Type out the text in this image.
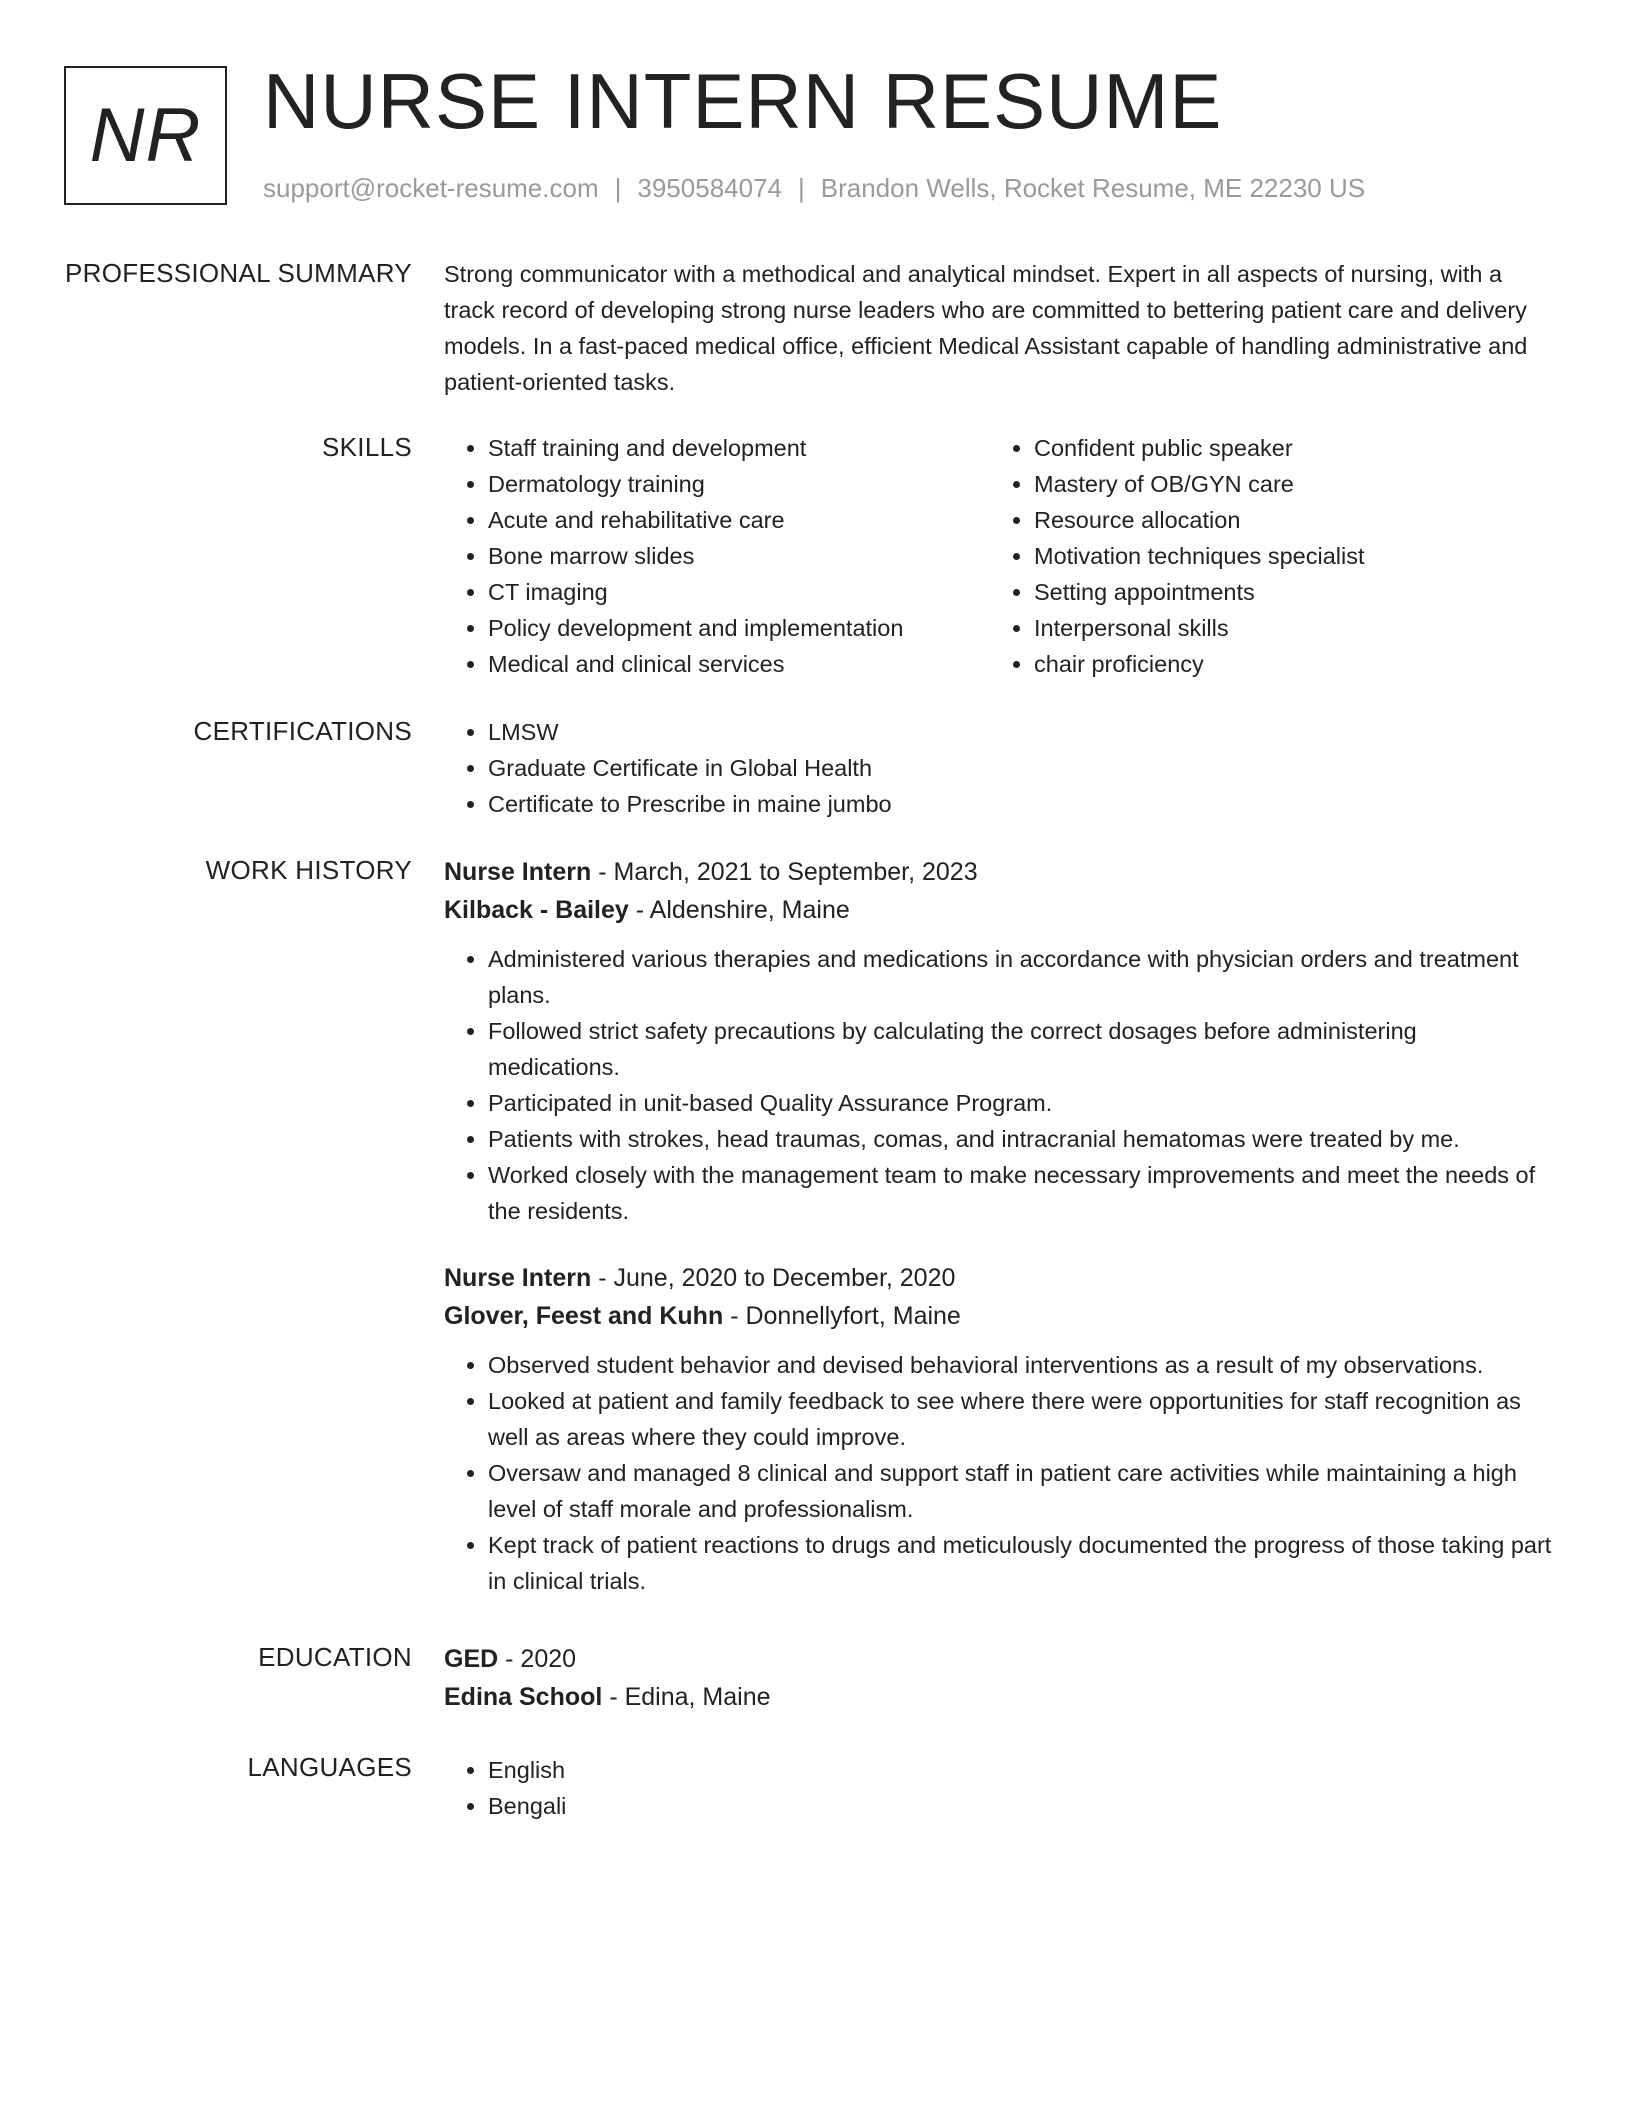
NR NURSE INTERN RESUME
support@rocket-resume.com | 3950584074 | Brandon Wells, Rocket Resume, ME 22230 US
PROFESSIONAL SUMMARY Strong communicator with a methodical and analytical mindset. Expert in all aspects of nursing, with a track record of developing strong nurse leaders who are committed to bettering patient care and delivery models. In a fast-paced medical office, efficient Medical Assistant capable of handling administrative and patient-oriented tasks.

SKILLS	• Staff training and development
• Dermatology training
• Acute and rehabilitative care
• Bone marrow slides
• CT imaging
• Policy development and implementation
• Medical and clinical services
• Confident public speaker
• Mastery of OB/GYN care
• Resource allocation
• Motivation techniques specialist
• Setting appointments
• Interpersonal skills
• chair proficiency
CERTIFICATIONS	• LMSW
• Graduate Certificate in Global Health
• Certificate to Prescribe in maine jumbo
WORK HISTORY Nurse Intern - March, 2021 to September, 2023
Kilback - Bailey - Aldenshire, Maine
• Administered various therapies and medications in accordance with physician orders and treatment plans.
• Followed strict safety precautions by calculating the correct dosages before administering medications.
• Participated in unit-based Quality Assurance Program.
• Patients with strokes, head traumas, comas, and intracranial hematomas were treated by me.
• Worked closely with the management team to make necessary improvements and meet the needs of the residents.
Nurse Intern - June, 2020 to December, 2020
Glover, Feest and Kuhn - Donnellyfort, Maine
• Observed student behavior and devised behavioral interventions as a result of my observations.
• Looked at patient and family feedback to see where there were opportunities for staff recognition as well as areas where they could improve.
• Oversaw and managed 8 clinical and support staff in patient care activities while maintaining a high level of staff morale and professionalism.
• Kept track of patient reactions to drugs and meticulously documented the progress of those taking part in clinical trials.
EDUCATION GED - 2020
Edina School - Edina, Maine
LANGUAGES	• English
• Bengali
